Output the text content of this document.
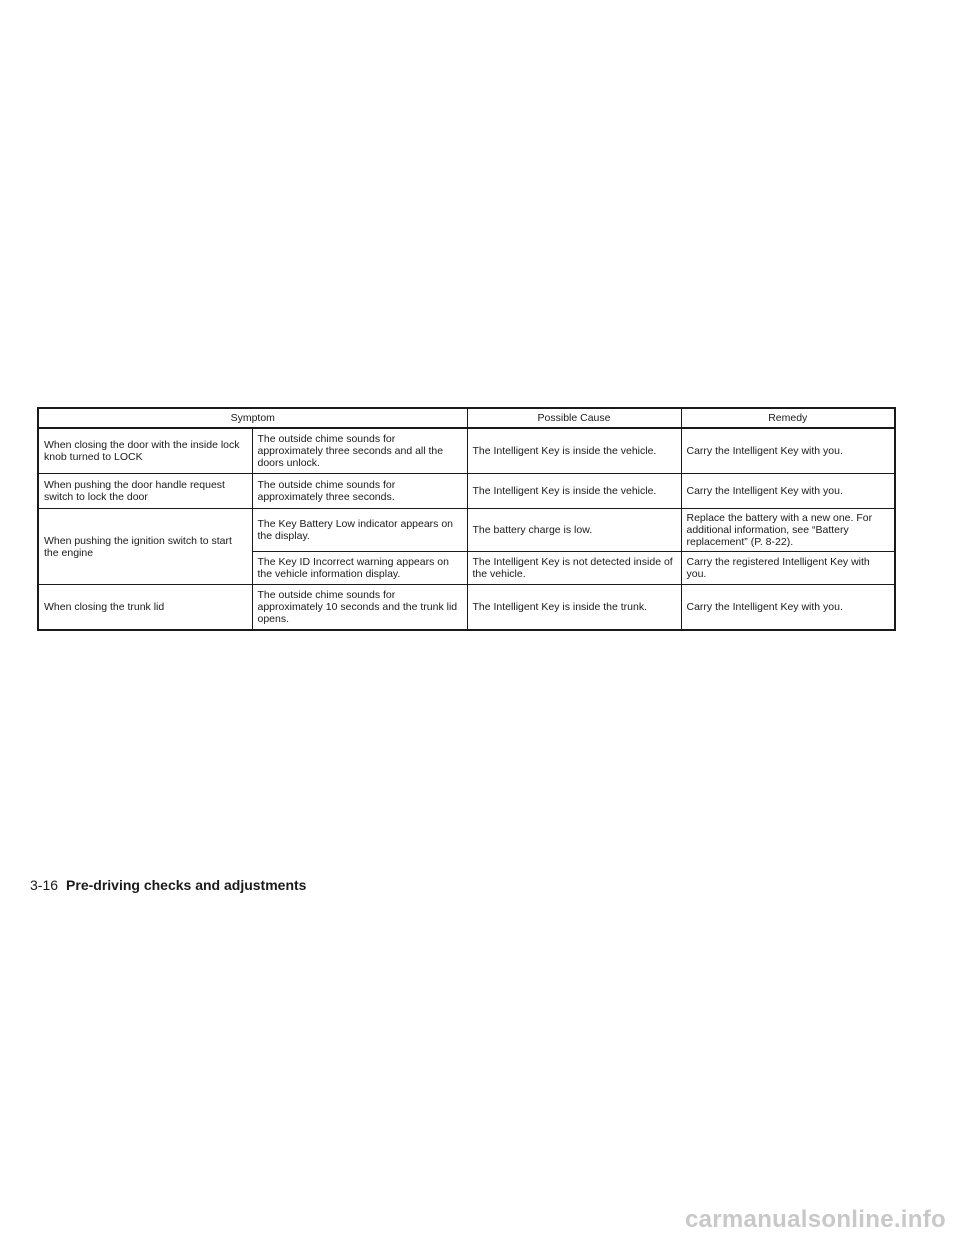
Symptom		Possible Cause	Remedy
When closing the door with the inside lock knob turned to LOCK	The outside chime sounds for approximately three seconds and all the doors unlock.	The Intelligent Key is inside the vehicle.	Carry the Intelligent Key with you.
When pushing the door handle request switch to lock the door	The outside chime sounds for approximately three seconds.	The Intelligent Key is inside the vehicle.	Carry the Intelligent Key with you.
When pushing the ignition switch to start the engine	The Key Battery Low indicator appears on the display.	The battery charge is low.	Replace the battery with a new one. For additional information, see “Battery replacement” (P. 8-22).
	The Key ID Incorrect warning appears on the vehicle information display.	The Intelligent Key is not detected inside of the vehicle.	Carry the registered Intelligent Key with you.
When closing the trunk lid	The outside chime sounds for approximately 10 seconds and the trunk lid opens.	The Intelligent Key is inside the trunk.	Carry the Intelligent Key with you.
3-16 Pre-driving checks and adjustments
carmanualsonline.info
